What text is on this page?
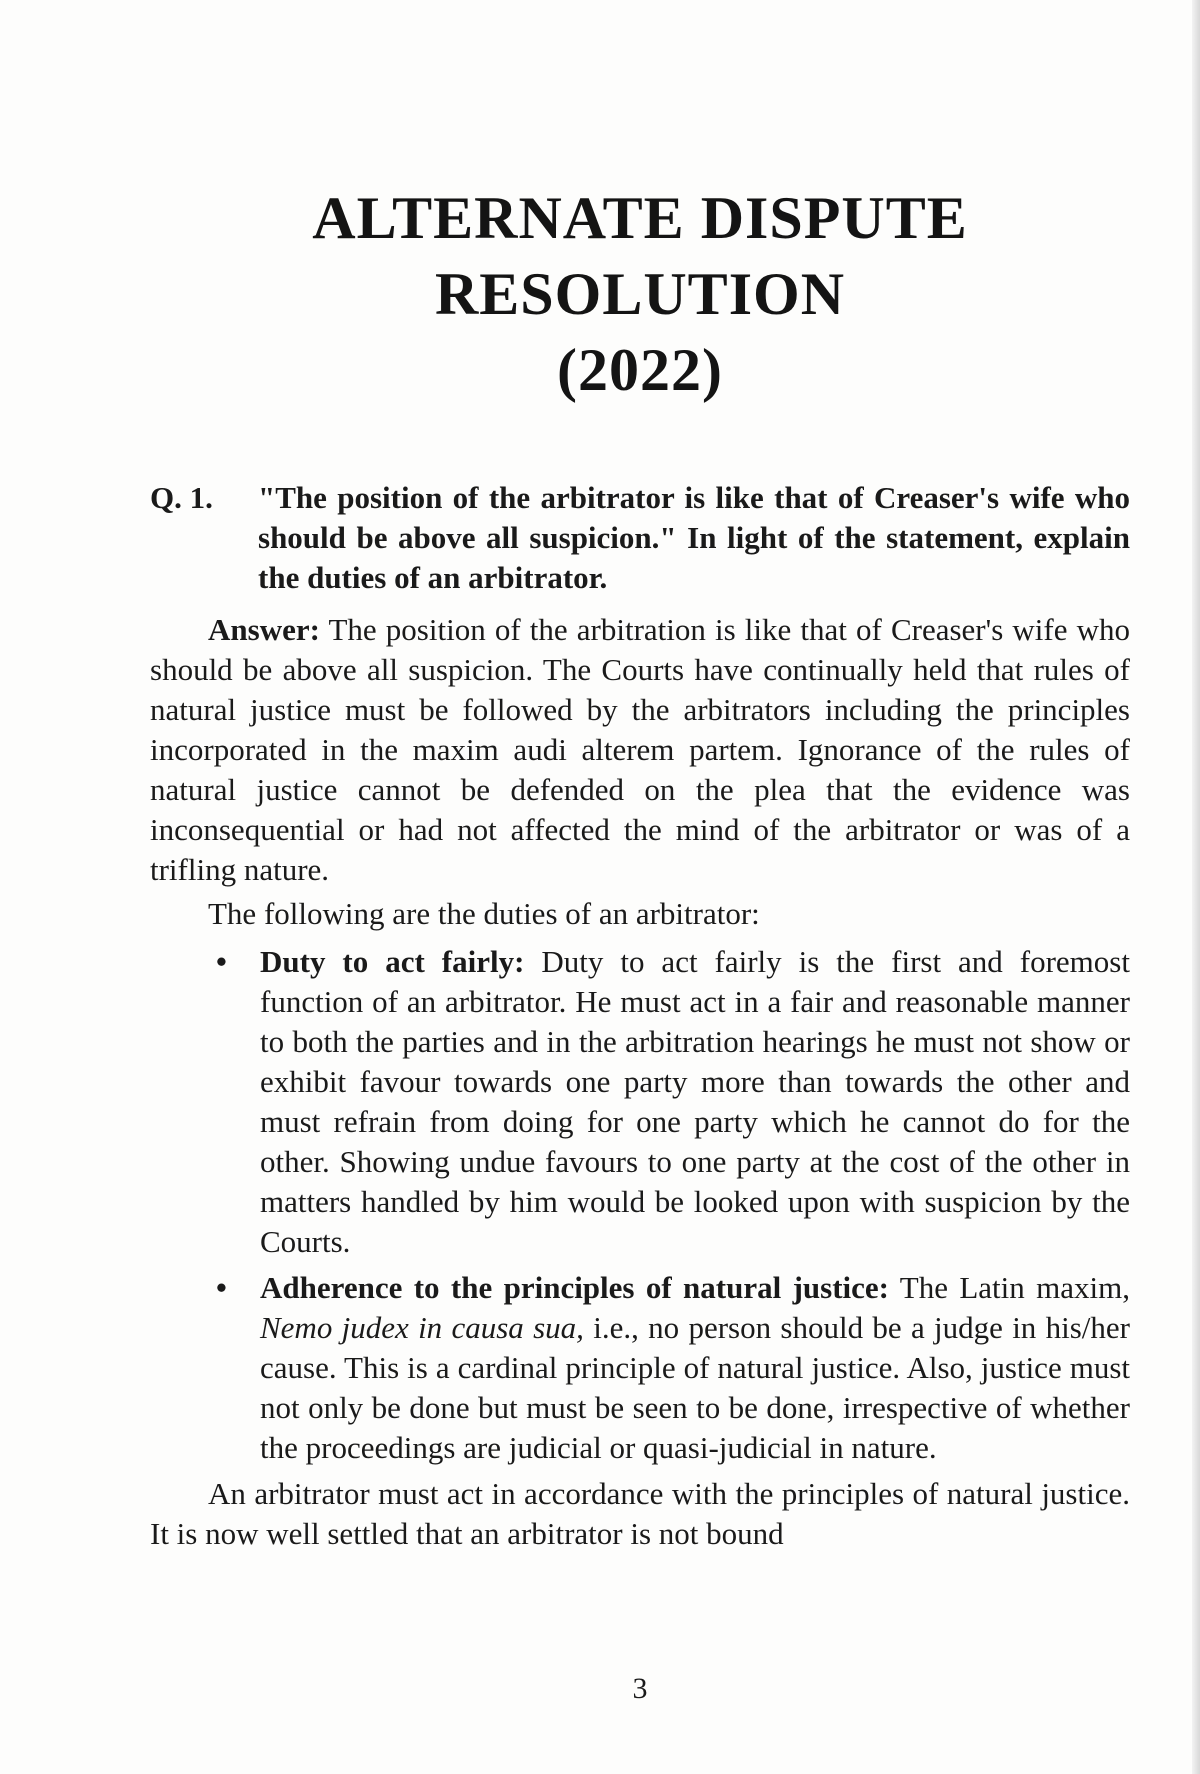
ALTERNATE DISPUTE
RESOLUTION
(2022)
Q. 1.	"The position of the arbitrator is like that of Creaser's wife who should be above all suspicion." In light of the statement, explain the duties of an arbitrator.

Answer: The position of the arbitration is like that of Creaser's wife who should be above all suspicion. The Courts have continually held that rules of natural justice must be followed by the arbitrators including the principles incorporated in the maxim audi alterem partem. Ignorance of the rules of natural justice cannot be defended on the plea that the evidence was inconsequential or had not affected the mind of the arbitrator or was of a trifling nature.

The following are the duties of an arbitrator:

• Duty to act fairly: Duty to act fairly is the first and foremost function of an arbitrator. He must act in a fair and reasonable manner to both the parties and in the arbitration hearings he must not show or exhibit favour towards one party more than towards the other and must refrain from doing for one party which he cannot do for the other. Showing undue favours to one party at the cost of the other in matters handled by him would be looked upon with suspicion by the Courts.
• Adherence to the principles of natural justice: The Latin maxim, Nemo judex in causa sua, i.e., no person should be a judge in his/her cause. This is a cardinal principle of natural justice. Also, justice must not only be done but must be seen to be done, irrespective of whether the proceedings are judicial or quasi-judicial in nature.

An arbitrator must act in accordance with the principles of natural justice. It is now well settled that an arbitrator is not bound

3
